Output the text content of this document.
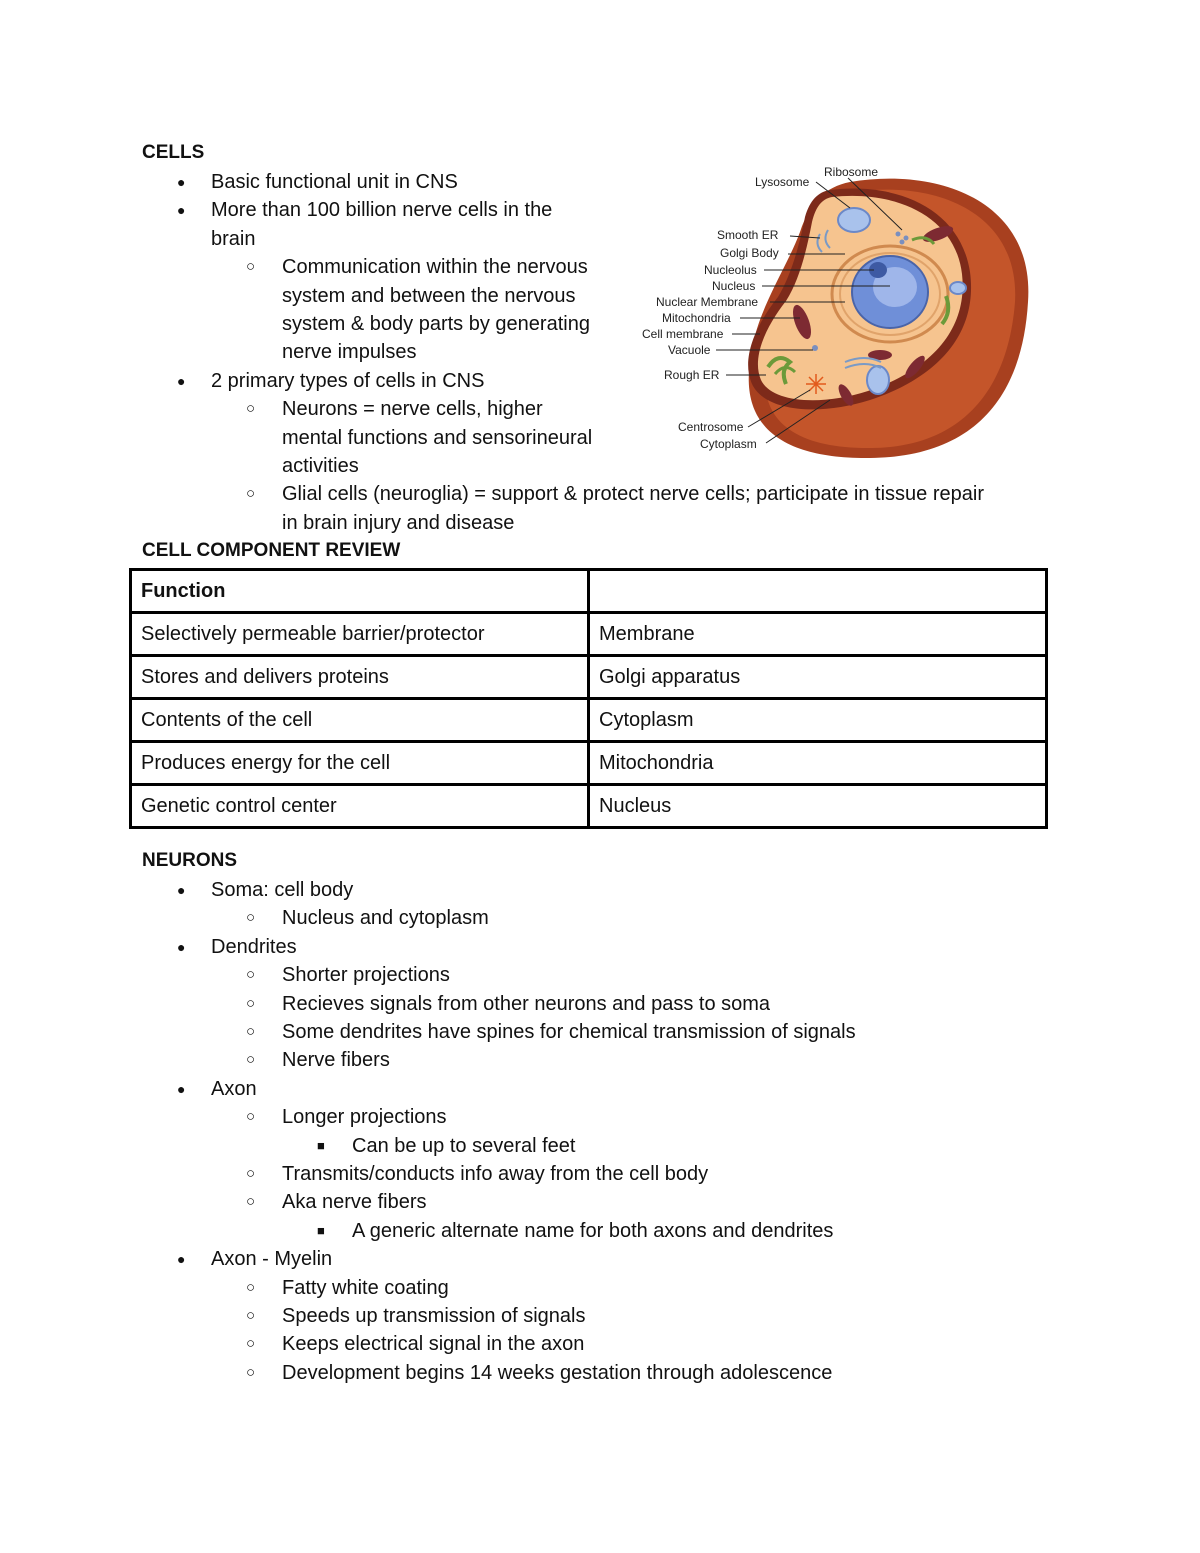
CELLS
● Basic functional unit in CNS
● More than 100 billion nerve cells in the
brain
○ Communication within the nervous
system and between the nervous
system & body parts by generating
nerve impulses
● 2 primary types of cells in CNS
○ Neurons = nerve cells, higher
mental functions and sensorineural
activities
○ Glial cells (neuroglia) = support & protect nerve cells; participate in tissue repair
in brain injury and disease
Ribosome
Lysosome
Smooth ER
Golgi Body
Nucleolus
Nucleus
Nuclear Membrane
Mitochondria
Cell membrane
Vacuole
Rough ER
Centrosome
Cytoplasm
CELL COMPONENT REVIEW
Function	
Selectively permeable barrier/protector	Membrane
Stores and delivers proteins	Golgi apparatus
Contents of the cell	Cytoplasm
Produces energy for the cell	Mitochondria
Genetic control center	Nucleus
NEURONS
● Soma: cell body
○ Nucleus and cytoplasm
● Dendrites
○ Shorter projections
○ Recieves signals from other neurons and pass to soma
○ Some dendrites have spines for chemical transmission of signals
○ Nerve fibers
● Axon
○ Longer projections
■ Can be up to several feet
○ Transmits/conducts info away from the cell body
○ Aka nerve fibers
■ A generic alternate name for both axons and dendrites
● Axon - Myelin
○ Fatty white coating
○ Speeds up transmission of signals
○ Keeps electrical signal in the axon
○ Development begins 14 weeks gestation through adolescence
